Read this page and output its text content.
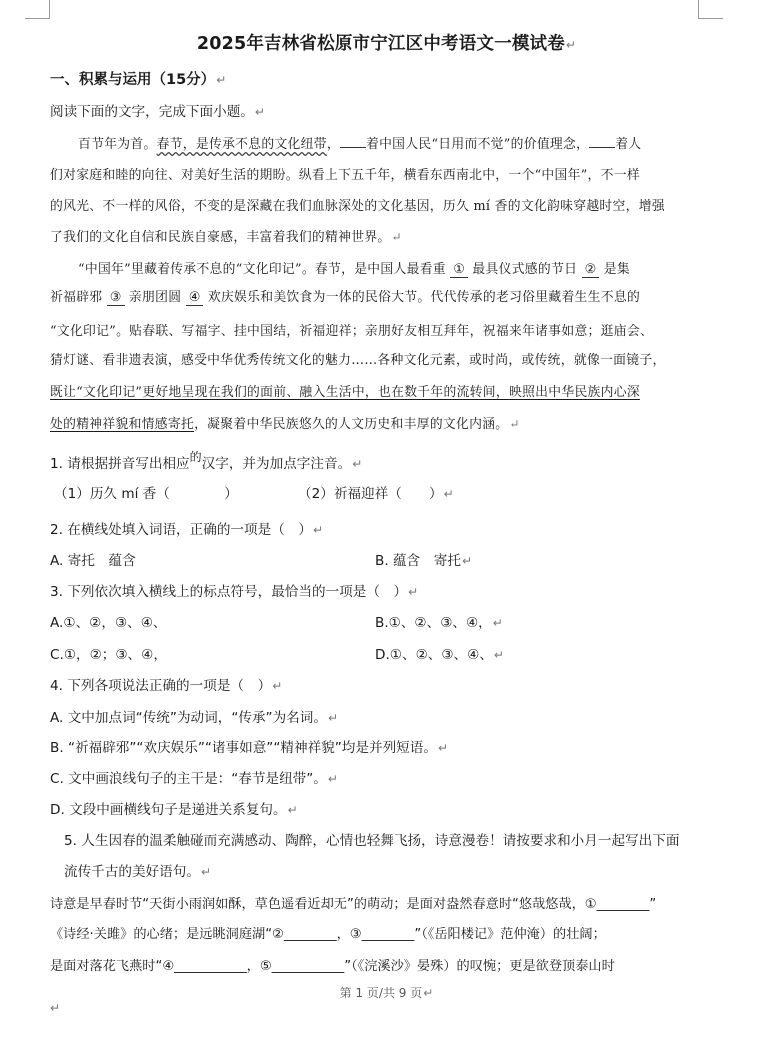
2025年吉林省松原市宁江区中考语文一模试卷↵
一、积累与运用（15分）↵
阅读下面的文字，完成下面小题。↵
百节年为首。春节，是传承不息的文化纽带， 着中国人民“日用而不觉”的价值理念， 着人
们对家庭和睦的向往、对美好生活的期盼。纵看上下五千年，横看东西南北中，一个“中国年”，不一样
的风光、不一样的风俗，不变的是深藏在我们血脉深处的文化基因，历久 mí 香的文化韵味穿越时空，增强
了我们的文化自信和民族自豪感，丰富着我们的精神世界。↵
“中国年”里藏着传承不息的“文化印记”。春节，是中国人最看重 ① 最具仪式感的节日 ② 是集
祈福辟邪 ③ 亲朋团圆 ④ 欢庆娱乐和美饮食为一体的民俗大节。代代传承的老习俗里藏着生生不息的
“文化印记”。贴春联、写福字、挂中国结，祈福迎祥；亲朋好友相互拜年，祝福来年诸事如意；逛庙会、
猜灯谜、看非遗表演，感受中华优秀传统文化的魅力……各种文化元素，或时尚，或传统，就像一面镜子，
既让“文化印记”更好地呈现在我们的面前、融入生活中，也在数千年的流转间，映照出中华民族内心深
处的精神祥貌和情感寄托，凝聚着中华民族悠久的人文历史和丰厚的文化内涵。↵
1. 请根据拼音写出相应的汉字，并为加点字注音。↵
（1）历久 mí 香（　　　　）	（2）祈福迎祥（　　）↵
2. 在横线处填入词语，正确的一项是（　）↵
A. 寄托　蕴含	B. 蕴含　寄托↵
3. 下列依次填入横线上的标点符号，最恰当的一项是（　）↵
A.①、②，③、④、	B.①、②、③、④，↵
C.①，②；③、④，	D.①、②、③、④、↵
4. 下列各项说法正确的一项是（　）↵
A. 文中加点词“传统”为动词，“传承”为名词。↵
B. “祈福辟邪”“欢庆娱乐”“诸事如意”“精神祥貌”均是并列短语。↵
C. 文中画浪线句子的主干是：“春节是纽带”。↵
D. 文段中画横线句子是递进关系复句。↵
5. 人生因春的温柔触碰而充满感动、陶醉，心情也轻舞飞扬，诗意漫卷！请按要求和小月一起写出下面
流传千古的美好语句。↵
诗意是早春时节“天街小雨润如酥，草色遥看近却无”的萌动；是面对盎然春意时“悠哉悠哉，①________”
《诗经·关雎》的心绪；是远眺洞庭湖“②________，③________”（《岳阳楼记》范仲淹）的壮阔；
是面对落花飞燕时“④___________，⑤___________”（《浣溪沙》晏殊）的叹惋；更是欲登顶泰山时
第 1 页/共 9 页↵
↵
